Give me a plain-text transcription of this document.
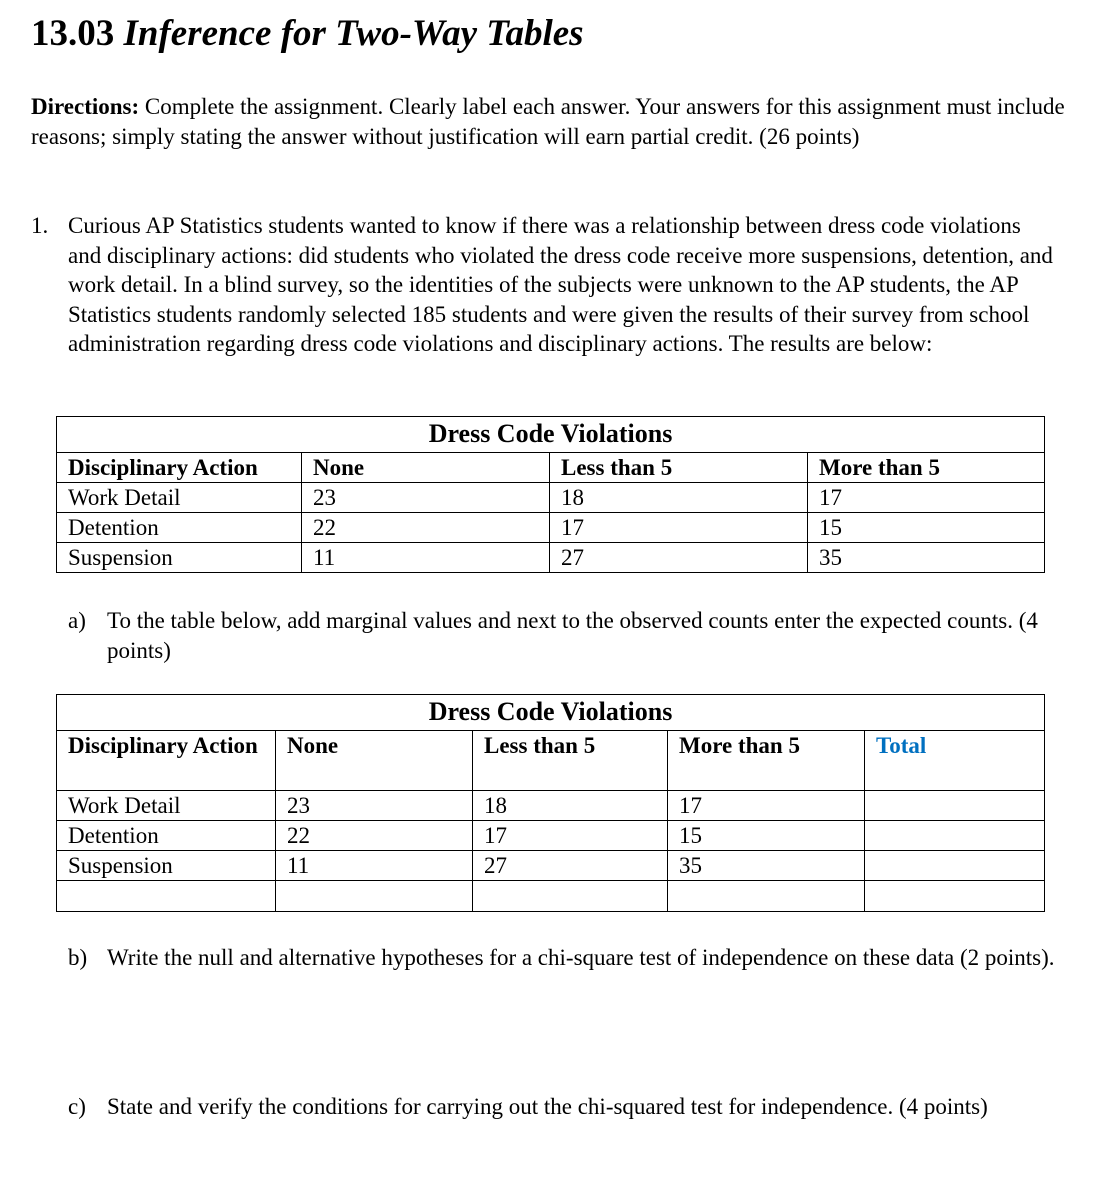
13.03 Inference for Two-Way Tables
Directions: Complete the assignment. Clearly label each answer. Your answers for this assignment must include reasons; simply stating the answer without justification will earn partial credit. (26 points)
1. Curious AP Statistics students wanted to know if there was a relationship between dress code violations and disciplinary actions: did students who violated the dress code receive more suspensions, detention, and work detail. In a blind survey, so the identities of the subjects were unknown to the AP students, the AP Statistics students randomly selected 185 students and were given the results of their survey from school administration regarding dress code violations and disciplinary actions. The results are below:
Dress Code Violations			
Disciplinary Action	None	Less than 5	More than 5
Work Detail	23	18	17
Detention	22	17	15
Suspension	11	27	35
a) To the table below, add marginal values and next to the observed counts enter the expected counts. (4 points)
Dress Code Violations				
Disciplinary Action	None	Less than 5	More than 5	Total
Work Detail	23	18	17	
Detention	22	17	15	
Suspension	11	27	35	

b) Write the null and alternative hypotheses for a chi-square test of independence on these data (2 points).
c) State and verify the conditions for carrying out the chi-squared test for independence. (4 points)
